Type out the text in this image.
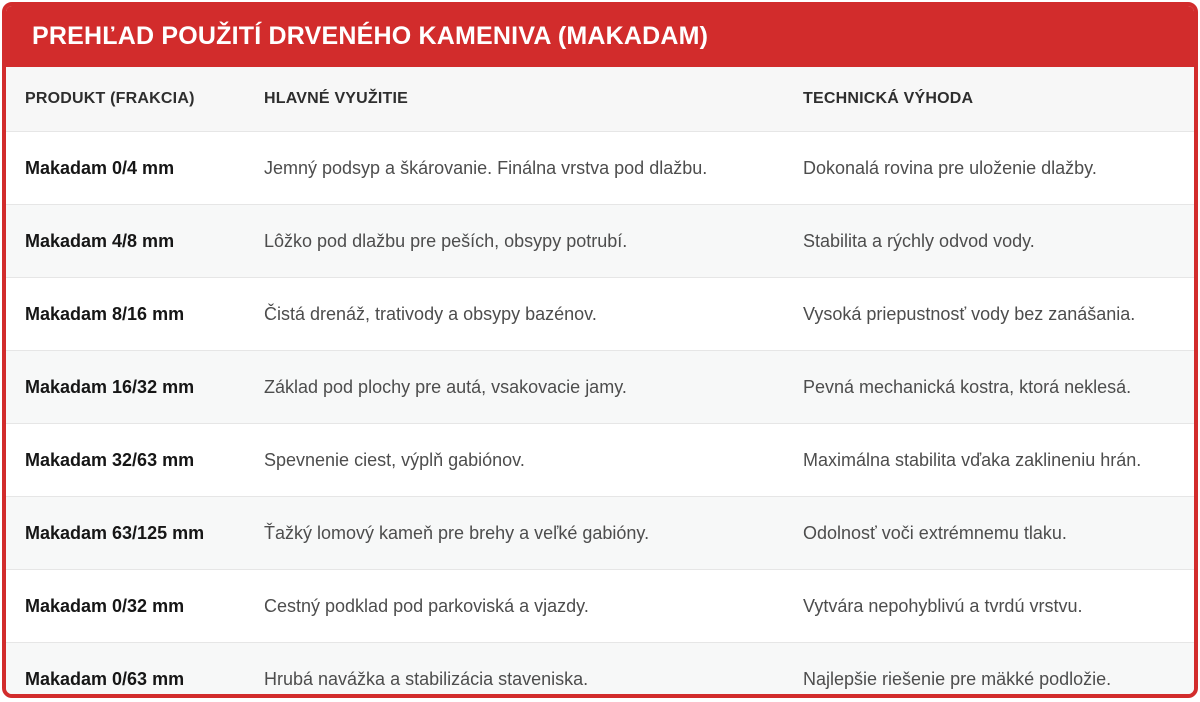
PREHĽAD POUŽITÍ DRVENÉHO KAMENIVA (MAKADAM)
PRODUKT (FRAKCIA)	HLAVNÉ VYUŽITIE	TECHNICKÁ VÝHODA
Makadam 0/4 mm	Jemný podsyp a škárovanie. Finálna vrstva pod dlažbu.	Dokonalá rovina pre uloženie dlažby.
Makadam 4/8 mm	Lôžko pod dlažbu pre peších, obsypy potrubí.	Stabilita a rýchly odvod vody.
Makadam 8/16 mm	Čistá drenáž, trativody a obsypy bazénov.	Vysoká priepustnosť vody bez zanášania.
Makadam 16/32 mm	Základ pod plochy pre autá, vsakovacie jamy.	Pevná mechanická kostra, ktorá neklesá.
Makadam 32/63 mm	Spevnenie ciest, výplň gabiónov.	Maximálna stabilita vďaka zaklineniu hrán.
Makadam 63/125 mm	Ťažký lomový kameň pre brehy a veľké gabióny.	Odolnosť voči extrémnemu tlaku.
Makadam 0/32 mm	Cestný podklad pod parkoviská a vjazdy.	Vytvára nepohyblivú a tvrdú vrstvu.
Makadam 0/63 mm	Hrubá navážka a stabilizácia staveniska.	Najlepšie riešenie pre mäkké podložie.
